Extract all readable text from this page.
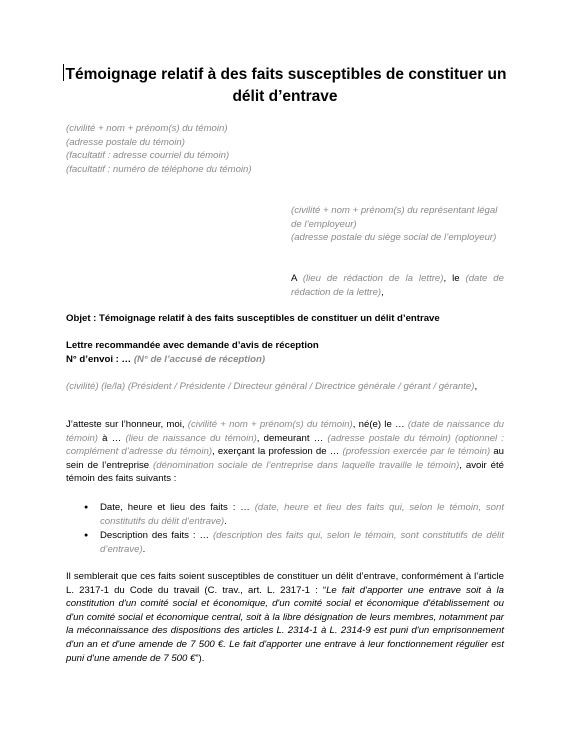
Témoignage relatif à des faits susceptibles de constituer un délit d’entrave
(civilité + nom + prénom(s) du témoin)
(adresse postale du témoin)
(facultatif : adresse courriel du témoin)
(facultatif : numéro de téléphone du témoin)
(civilité + nom + prénom(s) du représentant légal de l’employeur)
(adresse postale du siège social de l’employeur)
A (lieu de rédaction de la lettre), le (date de rédaction de la lettre),
Objet : Témoignage relatif à des faits susceptibles de constituer un délit d’entrave
Lettre recommandée avec demande d’avis de réception
N° d’envoi : … (N° de l’accusé de réception)
(civilité) (le/la) (Président / Présidente / Directeur général / Directrice générale / gérant / gérante),
J’atteste sur l’honneur, moi, (civilité + nom + prénom(s) du témoin), né(e) le … (date de naissance du témoin) à … (lieu de naissance du témoin), demeurant … (adresse postale du témoin) (optionnel : complément d’adresse du témoin), exerçant la profession de … (profession exercée par le témoin) au sein de l’entreprise (dénomination sociale de l’entreprise dans laquelle travaille le témoin), avoir été témoin des faits suivants :
● Date, heure et lieu des faits : … (date, heure et lieu des faits qui, selon le témoin, sont constitutifs du délit d’entrave).
● Description des faits : … (description des faits qui, selon le témoin, sont constitutifs de délit d’entrave).
Il semblerait que ces faits soient susceptibles de constituer un délit d’entrave, conformément à l’article L. 2317-1 du Code du travail (C. trav., art. L. 2317-1 : “Le fait d'apporter une entrave soit à la constitution d'un comité social et économique, d'un comité social et économique d'établissement ou d'un comité social et économique central, soit à la libre désignation de leurs membres, notamment par la méconnaissance des dispositions des articles L. 2314-1 à L. 2314-9 est puni d'un emprisonnement d'un an et d'une amende de 7 500 €. Le fait d'apporter une entrave à leur fonctionnement régulier est puni d'une amende de 7 500 €”).
